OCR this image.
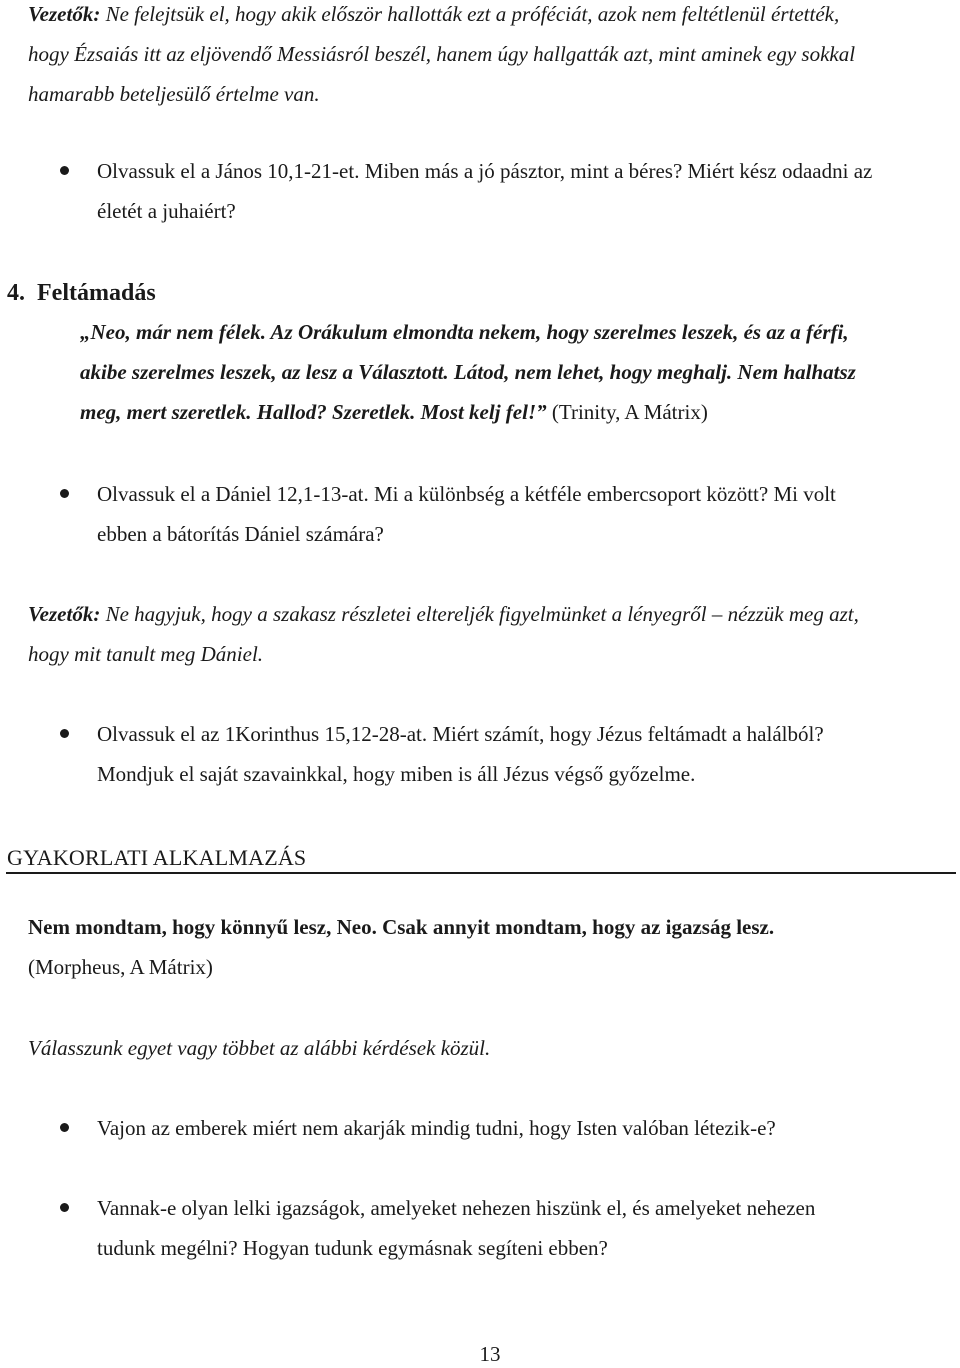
Vezetők: Ne felejtsük el, hogy akik először hallották ezt a próféciát, azok nem feltétlenül értették,
hogy Ézsaiás itt az eljövendő Messiásról beszél, hanem úgy hallgatták azt, mint aminek egy sokkal
hamarabb beteljesülő értelme van.
Olvassuk el a János 10,1-21-et. Miben más a jó pásztor, mint a béres? Miért kész odaadni az
életét a juhaiért?
4. Feltámadás
„Neo, már nem félek. Az Orákulum elmondta nekem, hogy szerelmes leszek, és az a férfi,
akibe szerelmes leszek, az lesz a Választott. Látod, nem lehet, hogy meghalj. Nem halhatsz
meg, mert szeretlek. Hallod? Szeretlek. Most kelj fel!” (Trinity, A Mátrix)
Olvassuk el a Dániel 12,1-13-at. Mi a különbség a kétféle embercsoport között? Mi volt
ebben a bátorítás Dániel számára?
Vezetők: Ne hagyjuk, hogy a szakasz részletei eltereljék figyelmünket a lényegről – nézzük meg azt,
hogy mit tanult meg Dániel.
Olvassuk el az 1Korinthus 15,12-28-at. Miért számít, hogy Jézus feltámadt a halálból?
Mondjuk el saját szavainkkal, hogy miben is áll Jézus végső győzelme.
GYAKORLATI ALKALMAZÁS
Nem mondtam, hogy könnyű lesz, Neo. Csak annyit mondtam, hogy az igazság lesz.
(Morpheus, A Mátrix)
Válasszunk egyet vagy többet az alábbi kérdések közül.
Vajon az emberek miért nem akarják mindig tudni, hogy Isten valóban létezik-e?
Vannak-e olyan lelki igazságok, amelyeket nehezen hiszünk el, és amelyeket nehezen
tudunk megélni? Hogyan tudunk egymásnak segíteni ebben?
13
